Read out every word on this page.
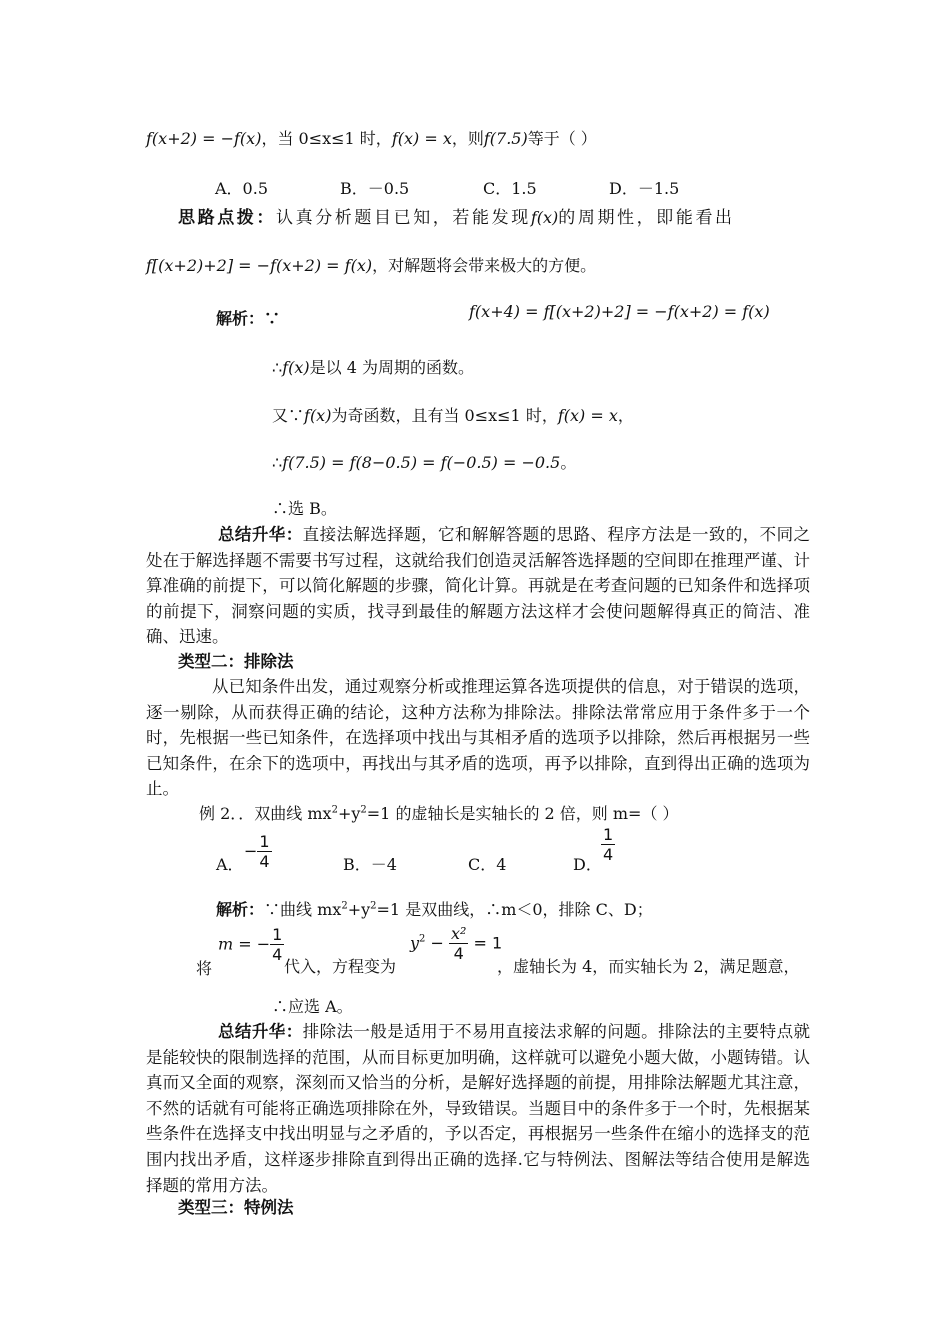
f(x+2) = −f(x)，当 0≤x≤1 时，f(x) = x，则f(7.5)等于（ ）
A．0.5	B．－0.5	C．1.5	D．－1.5
思路点拨：认真分析题目已知，若能发现f(x)的周期性，即能看出
f[(x+2)+2] = −f(x+2) = f(x)，对解题将会带来极大的方便。
解析：∵	f(x+4) = f[(x+2)+2] = −f(x+2) = f(x)
∴f(x)是以 4 为周期的函数。
又∵f(x)为奇函数，且有当 0≤x≤1 时，f(x) = x，
∴f(7.5) = f(8−0.5) = f(−0.5) = −0.5。
∴选 B。
总结升华：直接法解选择题，它和解解答题的思路、程序方法是一致的，不同之处在于解选择题不需要书写过程，这就给我们创造灵活解答选择题的空间即在推理严谨、计算准确的前提下，可以简化解题的步骤，简化计算。再就是在考查问题的已知条件和选择项的前提下，洞察问题的实质，找寻到最佳的解题方法这样才会使问题解得真正的简洁、准确、迅速。
类型二：排除法
从已知条件出发，通过观察分析或推理运算各选项提供的信息，对于错误的选项，逐一剔除，从而获得正确的结论，这种方法称为排除法。排除法常常应用于条件多于一个时，先根据一些已知条件，在选择项中找出与其相矛盾的选项予以排除，然后再根据另一些已知条件，在余下的选项中，再找出与其矛盾的选项，再予以排除，直到得出正确的选项为止。
例 2．．双曲线 $mx^2+y^2=1$ 的虚轴长是实轴长的 2 倍，则 m=（ ）
A．
− $\frac{1}{4}$	B．－4	C．4	D．
$\frac{1}{4}$
解析：∵曲线 $mx^2+y^2=1$ 是双曲线，∴m＜0，排除 C、D；
将
m = − $\frac{1}{4}$
代入，方程变为
$y^2 - \frac{\text{x²}}{4} = 1$
，虚轴长为 4，而实轴长为 2，满足题意，
∴应选 A。
总结升华：排除法一般是适用于不易用直接法求解的问题。排除法的主要特点就是能较快的限制选择的范围，从而目标更加明确，这样就可以避免小题大做，小题铸错。认真而又全面的观察，深刻而又恰当的分析，是解好选择题的前提，用排除法解题尤其注意，不然的话就有可能将正确选项排除在外，导致错误。当题目中的条件多于一个时，先根据某些条件在选择支中找出明显与之矛盾的，予以否定，再根据另一些条件在缩小的选择支的范围内找出矛盾，这样逐步排除直到得出正确的选择.它与特例法、图解法等结合使用是解选择题的常用方法。
类型三：特例法
